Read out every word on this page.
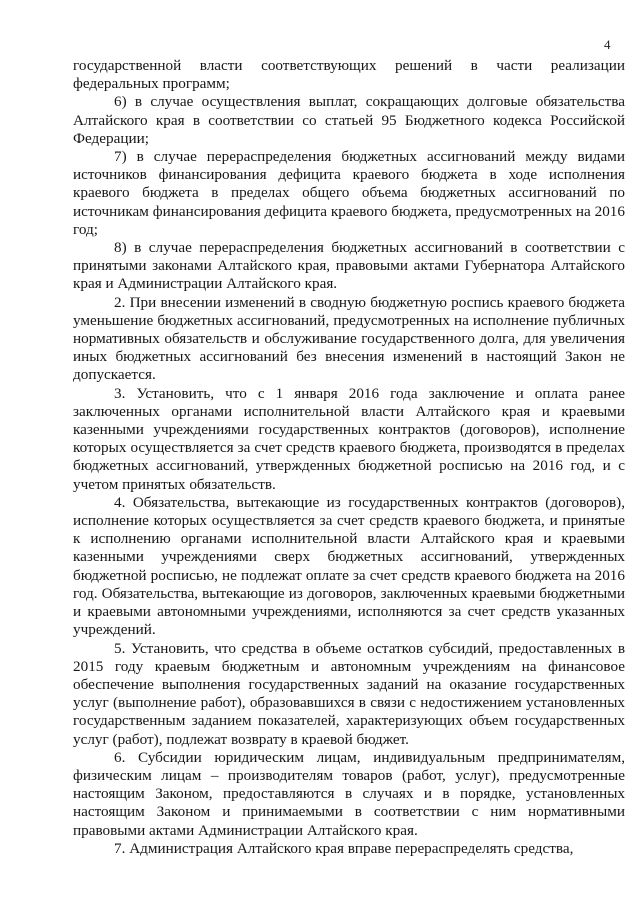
4

государственной власти соответствующих решений в части реализации федеральных программ;

6) в случае осуществления выплат, сокращающих долговые обязательства Алтайского края в соответствии со статьей 95 Бюджетного кодекса Российской Федерации;

7) в случае перераспределения бюджетных ассигнований между видами источников финансирования дефицита краевого бюджета в ходе исполнения краевого бюджета в пределах общего объема бюджетных ассигнований по источникам финансирования дефицита краевого бюджета, предусмотренных на 2016 год;

8) в случае перераспределения бюджетных ассигнований в соответствии с принятыми законами Алтайского края, правовыми актами Губернатора Алтайского края и Администрации Алтайского края.

2. При внесении изменений в сводную бюджетную роспись краевого бюджета уменьшение бюджетных ассигнований, предусмотренных на исполнение публичных нормативных обязательств и обслуживание государственного долга, для увеличения иных бюджетных ассигнований без внесения изменений в настоящий Закон не допускается.

3. Установить, что с 1 января 2016 года заключение и оплата ранее заключенных органами исполнительной власти Алтайского края и краевыми казенными учреждениями государственных контрактов (договоров), исполнение которых осуществляется за счет средств краевого бюджета, производятся в пределах бюджетных ассигнований, утвержденных бюджетной росписью на 2016 год, и с учетом принятых обязательств.

4. Обязательства, вытекающие из государственных контрактов (договоров), исполнение которых осуществляется за счет средств краевого бюджета, и принятые к исполнению органами исполнительной власти Алтайского края и краевыми казенными учреждениями сверх бюджетных ассигнований, утвержденных бюджетной росписью, не подлежат оплате за счет средств краевого бюджета на 2016 год. Обязательства, вытекающие из договоров, заключенных краевыми бюджетными и краевыми автономными учреждениями, исполняются за счет средств указанных учреждений.

5. Установить, что средства в объеме остатков субсидий, предоставленных в 2015 году краевым бюджетным и автономным учреждениям на финансовое обеспечение выполнения государственных заданий на оказание государственных услуг (выполнение работ), образовавшихся в связи с недостижением установленных государственным заданием показателей, характеризующих объем государственных услуг (работ), подлежат возврату в краевой бюджет.

6. Субсидии юридическим лицам, индивидуальным предпринимателям, физическим лицам – производителям товаров (работ, услуг), предусмотренные настоящим Законом, предоставляются в случаях и в порядке, установленных настоящим Законом и принимаемыми в соответствии с ним нормативными правовыми актами Администрации Алтайского края.

7. Администрация Алтайского края вправе перераспределять средства,
